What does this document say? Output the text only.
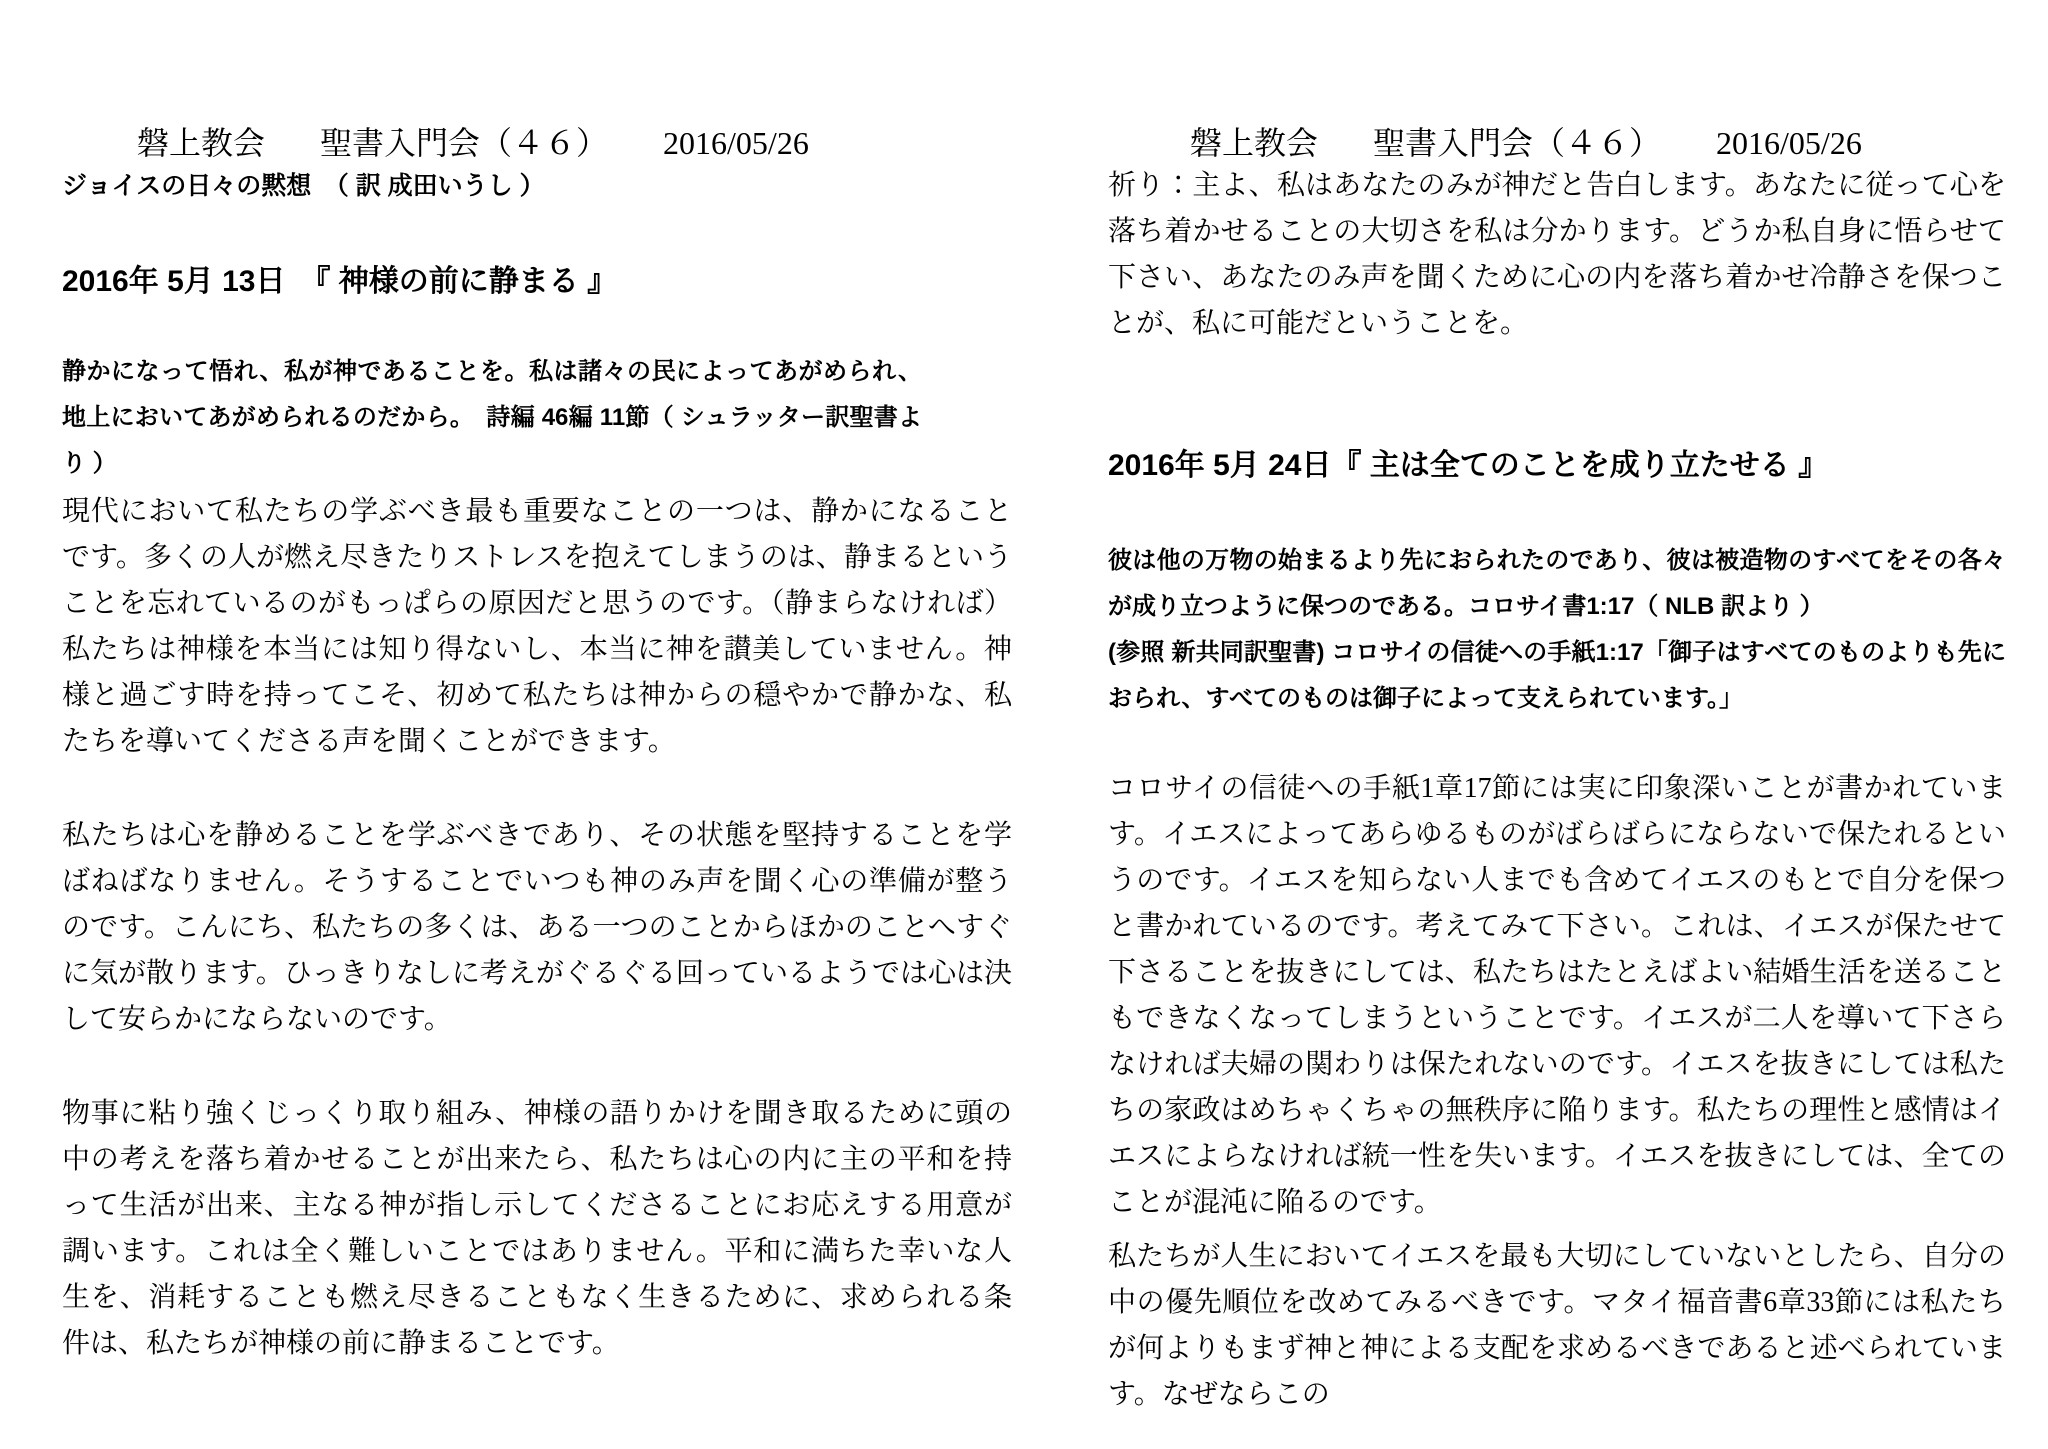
磐上教会 聖書入門会（４６） 2016/05/26
ジョイスの日々の黙想　（ 訳 成田いうし ）
2016年 5月 13日　『 神様の前に静まる 』

静かになって悟れ、私が神であることを。私は諸々の民によってあがめられ、地上においてあがめられるのだから。　詩編 46編 11節（ シュラッター訳聖書より ）

現代において私たちの学ぶべき最も重要なことの一つは、静かになることです。多くの人が燃え尽きたりストレスを抱えてしまうのは、静まるということを忘れているのがもっぱらの原因だと思うのです。（静まらなければ）私たちは神様を本当には知り得ないし、本当に神を讃美していません。神様と過ごす時を持ってこそ、初めて私たちは神からの穏やかで静かな、私たちを導いてくださる声を聞くことができます。

私たちは心を静めることを学ぶべきであり、その状態を堅持することを学ばねばなりません。そうすることでいつも神のみ声を聞く心の準備が整うのです。こんにち、私たちの多くは、ある一つのことからほかのことへすぐに気が散ります。ひっきりなしに考えがぐるぐる回っているようでは心は決して安らかにならないのです。

物事に粘り強くじっくり取り組み、神様の語りかけを聞き取るために頭の中の考えを落ち着かせることが出来たら、私たちは心の内に主の平和を持って生活が出来、主なる神が指し示してくださることにお応えする用意が調います。これは全く難しいことではありません。平和に満ちた幸いな人生を、消耗することも燃え尽きることもなく生きるために、求められる条件は、私たちが神様の前に静まることです。

磐上教会 聖書入門会（４６） 2016/05/26

祈り：主よ、私はあなたのみが神だと告白します。あなたに従って心を落ち着かせることの大切さを私は分かります。どうか私自身に悟らせて下さい、あなたのみ声を聞くために心の内を落ち着かせ冷静さを保つことが、私に可能だということを。

2016年 5月 24日『 主は全てのことを成り立たせる 』

彼は他の万物の始まるより先におられたのであり、彼は被造物のすべてをその各々が成り立つように保つのである。コロサイ書1:17（ NLB 訳より ）

(参照 新共同訳聖書) コロサイの信徒への手紙1:17「御子はすべてのものよりも先におられ、すべてのものは御子によって支えられています。」

コロサイの信徒への手紙1章17節には実に印象深いことが書かれています。イエスによってあらゆるものがばらばらにならないで保たれるというのです。イエスを知らない人までも含めてイエスのもとで自分を保つと書かれているのです。考えてみて下さい。これは、イエスが保たせて下さることを抜きにしては、私たちはたとえばよい結婚生活を送ることもできなくなってしまうということです。イエスが二人を導いて下さらなければ夫婦の関わりは保たれないのです。イエスを抜きにしては私たちの家政はめちゃくちゃの無秩序に陥ります。私たちの理性と感情はイエスによらなければ統一性を失います。イエスを抜きにしては、全てのことが混沌に陥るのです。

私たちが人生においてイエスを最も大切にしていないとしたら、自分の中の優先順位を改めてみるべきです。マタイ福音書6章33節には私たちが何よりもまず神と神による支配を求めるべきであると述べられています。なぜならこの
